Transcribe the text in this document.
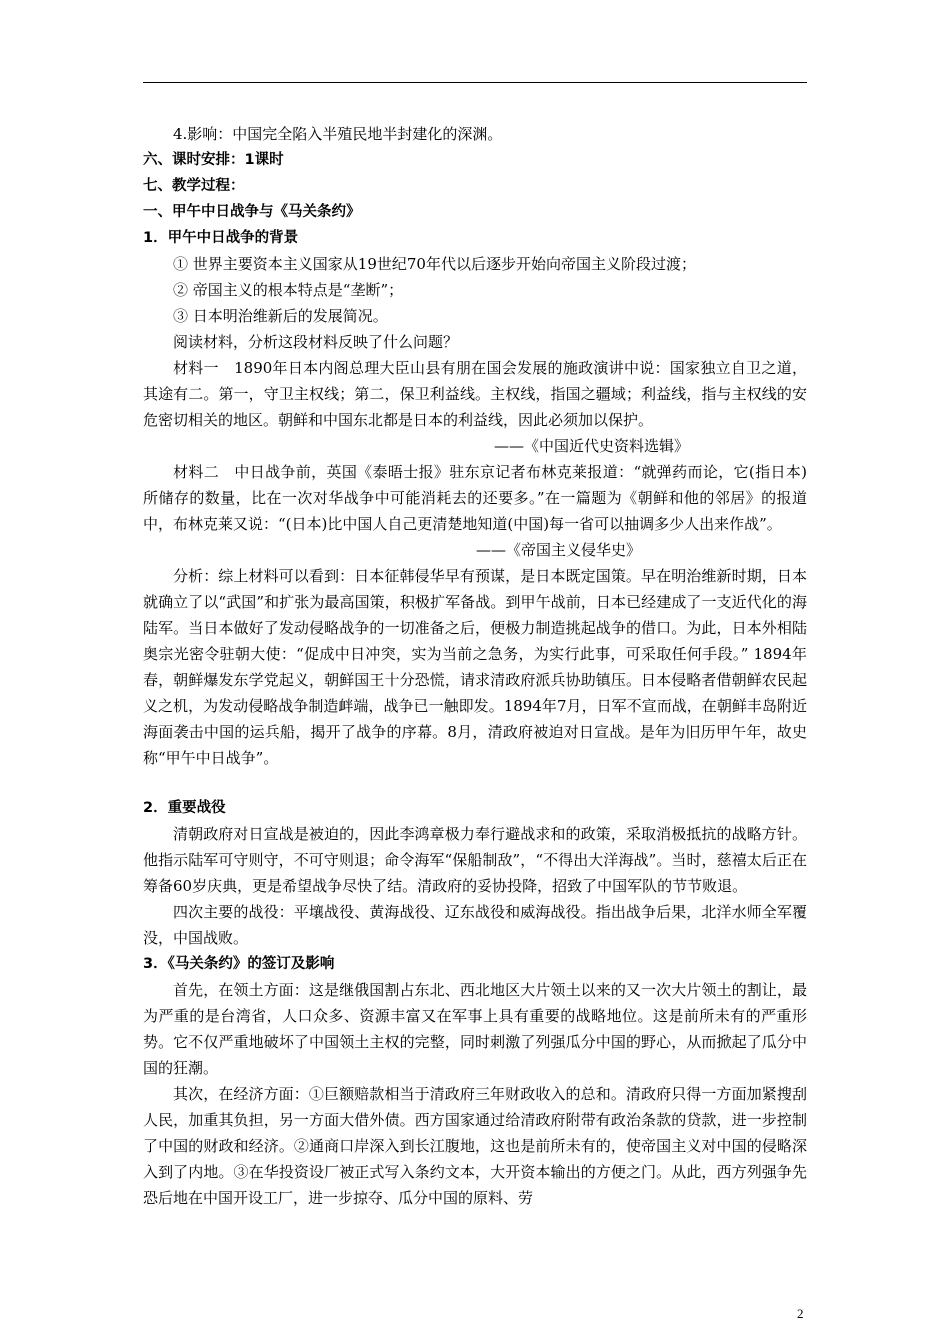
4.影响：中国完全陷入半殖民地半封建化的深渊。

六、课时安排：1课时

七、教学过程：

一、甲午中日战争与《马关条约》

1．甲午中日战争的背景

① 世界主要资本主义国家从19世纪70年代以后逐步开始向帝国主义阶段过渡；

② 帝国主义的根本特点是“垄断”；

③ 日本明治维新后的发展简况。

阅读材料，分析这段材料反映了什么问题？

材料一　1890年日本内阁总理大臣山县有朋在国会发展的施政演讲中说：国家独立自卫之道，其途有二。第一，守卫主权线；第二，保卫利益线。主权线，指国之疆域；利益线，指与主权线的安危密切相关的地区。朝鲜和中国东北都是日本的利益线，因此必须加以保护。

——《中国近代史资料选辑》

材料二　中日战争前，英国《泰晤士报》驻东京记者布林克莱报道：“就弹药而论，它(指日本)所储存的数量，比在一次对华战争中可能消耗去的还要多。”在一篇题为《朝鲜和他的邻居》的报道中，布林克莱又说：“(日本)比中国人自己更清楚地知道(中国)每一省可以抽调多少人出来作战”。

——《帝国主义侵华史》

分析：综上材料可以看到：日本征韩侵华早有预谋，是日本既定国策。早在明治维新时期，日本就确立了以“武国”和扩张为最高国策，积极扩军备战。到甲午战前，日本已经建成了一支近代化的海陆军。当日本做好了发动侵略战争的一切准备之后，便极力制造挑起战争的借口。为此，日本外相陆奥宗光密令驻朝大使：“促成中日冲突，实为当前之急务，为实行此事，可采取任何手段。” 1894年春，朝鲜爆发东学党起义，朝鲜国王十分恐慌，请求清政府派兵协助镇压。日本侵略者借朝鲜农民起义之机，为发动侵略战争制造衅端，战争已一触即发。1894年7月，日军不宣而战，在朝鲜丰岛附近海面袭击中国的运兵船，揭开了战争的序幕。8月，清政府被迫对日宣战。是年为旧历甲午年，故史称“甲午中日战争”。

2．重要战役

清朝政府对日宣战是被迫的，因此李鸿章极力奉行避战求和的政策，采取消极抵抗的战略方针。他指示陆军可守则守，不可守则退；命令海军“保船制敌”，“不得出大洋海战”。当时，慈禧太后正在筹备60岁庆典，更是希望战争尽快了结。清政府的妥协投降，招致了中国军队的节节败退。

四次主要的战役：平壤战役、黄海战役、辽东战役和威海战役。指出战争后果，北洋水师全军覆没，中国战败。

3．《马关条约》的签订及影响

首先，在领土方面：这是继俄国割占东北、西北地区大片领土以来的又一次大片领土的割让，最为严重的是台湾省，人口众多、资源丰富又在军事上具有重要的战略地位。这是前所未有的严重形势。它不仅严重地破坏了中国领土主权的完整，同时刺激了列强瓜分中国的野心，从而掀起了瓜分中国的狂潮。

其次，在经济方面：①巨额赔款相当于清政府三年财政收入的总和。清政府只得一方面加紧搜刮人民，加重其负担，另一方面大借外债。西方国家通过给清政府附带有政治条款的贷款，进一步控制了中国的财政和经济。②通商口岸深入到长江腹地，这也是前所未有的，使帝国主义对中国的侵略深入到了内地。③在华投资设厂被正式写入条约文本，大开资本输出的方便之门。从此，西方列强争先恐后地在中国开设工厂，进一步掠夺、瓜分中国的原料、劳

2
